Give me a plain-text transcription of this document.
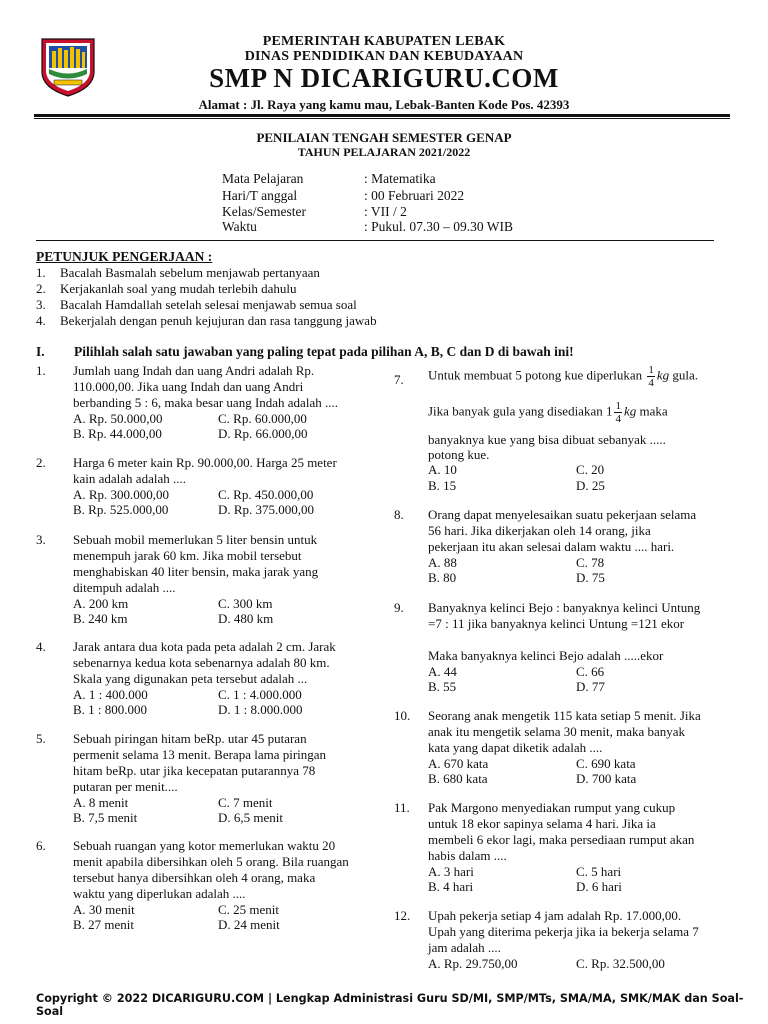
PEMERINTAH KABUPATEN LEBAK
DINAS PENDIDIKAN DAN KEBUDAYAAN
SMP N DICARIGURU.COM
Alamat : Jl. Raya yang kamu mau, Lebak-Banten Kode Pos. 42393
PENILAIAN TENGAH SEMESTER GENAP
TAHUN PELAJARAN 2021/2022
Mata Pelajaran	: Matematika
Hari/T anggal	: 00 Februari 2022
Kelas/Semester	: VII / 2
Waktu	: Pukul. 07.30 – 09.30 WIB
PETUNJUK PENGERJAAN :
1. Bacalah Basmalah sebelum menjawab pertanyaan
2. Kerjakanlah soal yang mudah terlebih dahulu
3. Bacalah Hamdallah setelah selesai menjawab semua soal
4. Bekerjalah dengan penuh kejujuran dan rasa tanggung jawab
I. Pilihlah salah satu jawaban yang paling tepat pada pilihan A, B, C dan D di bawah ini!
1. Jumlah uang Indah dan uang Andri adalah Rp.
110.000,00. Jika uang Indah dan uang Andri
berbanding 5 : 6, maka besar uang Indah adalah ....
A. Rp. 50.000,00	C. Rp. 60.000,00
B. Rp. 44.000,00	D. Rp. 66.000,00
2. Harga 6 meter kain Rp. 90.000,00. Harga 25 meter
kain adalah adalah ....
A. Rp. 300.000,00	C. Rp. 450.000,00
B. Rp. 525.000,00	D. Rp. 375.000,00
3. Sebuah mobil memerlukan 5 liter bensin untuk
menempuh jarak 60 km. Jika mobil tersebut
menghabiskan 40 liter bensin, maka jarak yang
ditempuh adalah ....
A. 200 km	C. 300 km
B. 240 km	D. 480 km
4. Jarak antara dua kota pada peta adalah 2 cm. Jarak
sebenarnya kedua kota sebenarnya adalah 80 km.
Skala yang digunakan peta tersebut adalah ...
A. 1 : 400.000	C. 1 : 4.000.000
B. 1 : 800.000	D. 1 : 8.000.000
5. Sebuah piringan hitam beRp. utar 45 putaran
permenit selama 13 menit. Berapa lama piringan
hitam beRp. utar jika kecepatan putarannya 78
putaran per menit....
A. 8 menit	C. 7 menit
B. 7,5 menit	D. 6,5 menit
6. Sebuah ruangan yang kotor memerlukan waktu 20
menit apabila dibersihkan oleh 5 orang. Bila ruangan
tersebut hanya dibersihkan oleh 4 orang, maka
waktu yang diperlukan adalah ....
A. 30 menit	C. 25 menit
B. 27 menit	D. 24 menit
7. Untuk membuat 5 potong kue diperlukan $\frac{1}{4}$ kg gula.
Jika banyak gula yang disediakan $1 \frac{1}{4}$ kg maka
banyaknya kue yang bisa dibuat sebanyak .....
potong kue.
A. 10	C. 20
B. 15	D. 25
8. Orang dapat menyelesaikan suatu pekerjaan selama
56 hari. Jika dikerjakan oleh 14 orang, jika
pekerjaan itu akan selesai dalam waktu .... hari.
A. 88	C. 78
B. 80	D. 75
9. Banyaknya kelinci Bejo : banyaknya kelinci Untung
=7 : 11 jika banyaknya kelinci Untung =121 ekor
Maka banyaknya kelinci Bejo adalah .....ekor
A. 44	C. 66
B. 55	D. 77
10. Seorang anak mengetik 115 kata setiap 5 menit. Jika
anak itu mengetik selama 30 menit, maka banyak
kata yang dapat diketik adalah ....
A. 670 kata	C. 690 kata
B. 680 kata	D. 700 kata
11. Pak Margono menyediakan rumput yang cukup
untuk 18 ekor sapinya selama 4 hari. Jika ia
membeli 6 ekor lagi, maka persediaan rumput akan
habis dalam ....
A. 3 hari	C. 5 hari
B. 4 hari	D. 6 hari
12. Upah pekerja setiap 4 jam adalah Rp. 17.000,00.
Upah yang diterima pekerja jika ia bekerja selama 7
jam adalah ....
A. Rp. 29.750,00	C. Rp. 32.500,00
Copyright © 2022 DICARIGURU.COM | Lengkap Administrasi Guru SD/MI, SMP/MTs, SMA/MA, SMK/MAK dan Soal-Soal
